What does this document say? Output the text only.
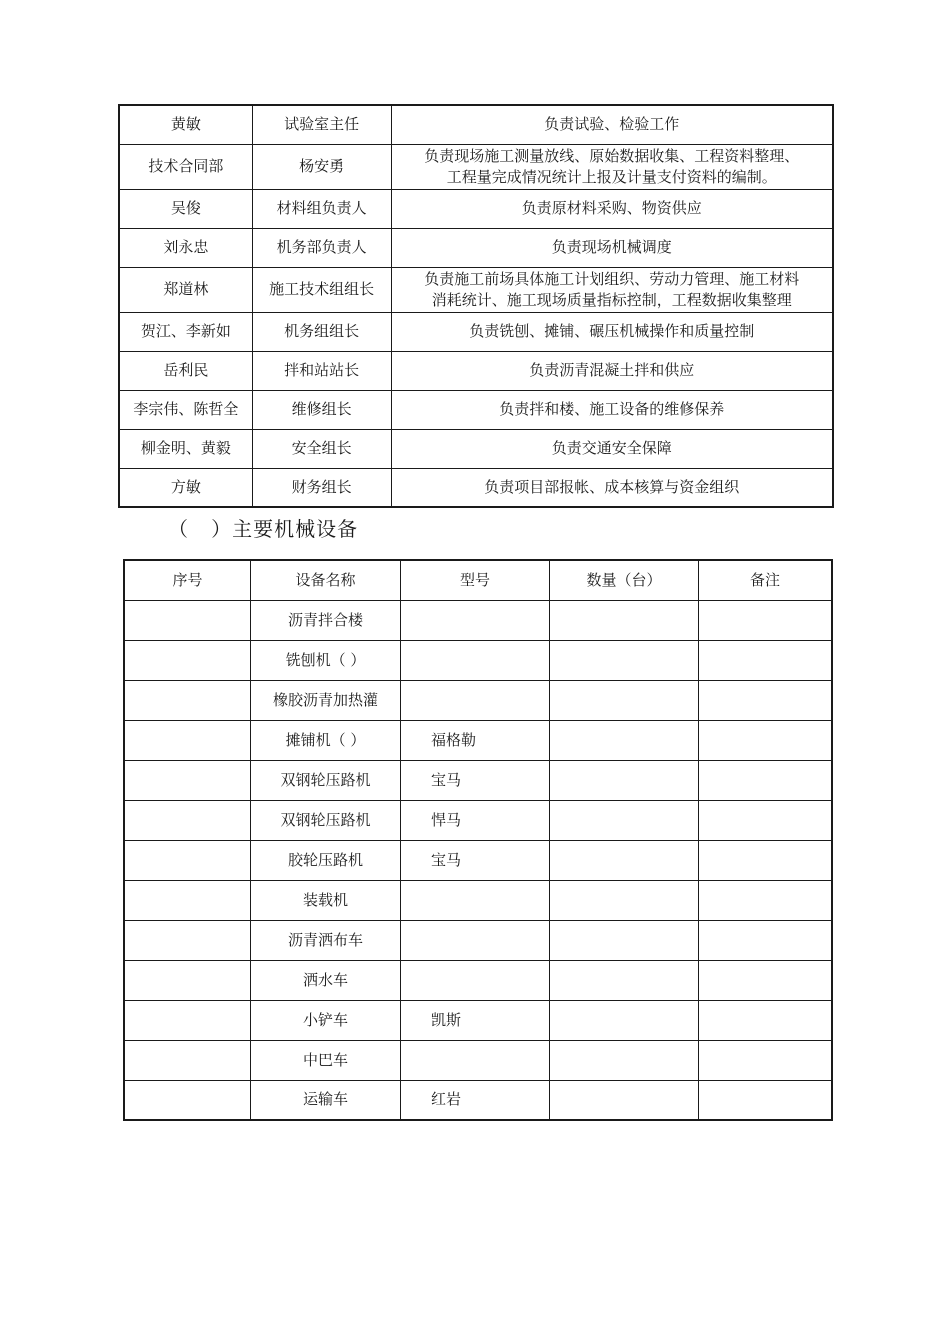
黄敏	试验室主任	负责试验、检验工作

技术合同部	杨安勇	负责现场施工测量放线、原始数据收集、工程资料整理、
工程量完成情况统计上报及计量支付资料的编制。

吴俊	材料组负责人	负责原材料采购、物资供应

刘永忠	机务部负责人	负责现场机械调度

郑道林	施工技术组组长	负责施工前场具体施工计划组织、劳动力管理、施工材料
消耗统计、施工现场质量指标控制，工程数据收集整理

贺江、李新如	机务组组长	负责铣刨、摊铺、碾压机械操作和质量控制

岳利民	拌和站站长	负责沥青混凝土拌和供应

李宗伟、陈哲全	维修组长	负责拌和楼、施工设备的维修保养

柳金明、黄毅	安全组长	负责交通安全保障

方敏	财务组长	负责项目部报帐、成本核算与资金组织
（   ）主要机械设备
序号	设备名称	型号	数量（台）	备注
	沥青拌合楼			
	铣刨机（ ）			
	橡胶沥青加热灌			
	摊铺机（ ）	福格勒		
	双钢轮压路机	宝马		
	双钢轮压路机	悍马		
	胶轮压路机	宝马		
	装载机			
	沥青洒布车			
	洒水车			
	小铲车	凯斯		
	中巴车			
	运输车	红岩		
